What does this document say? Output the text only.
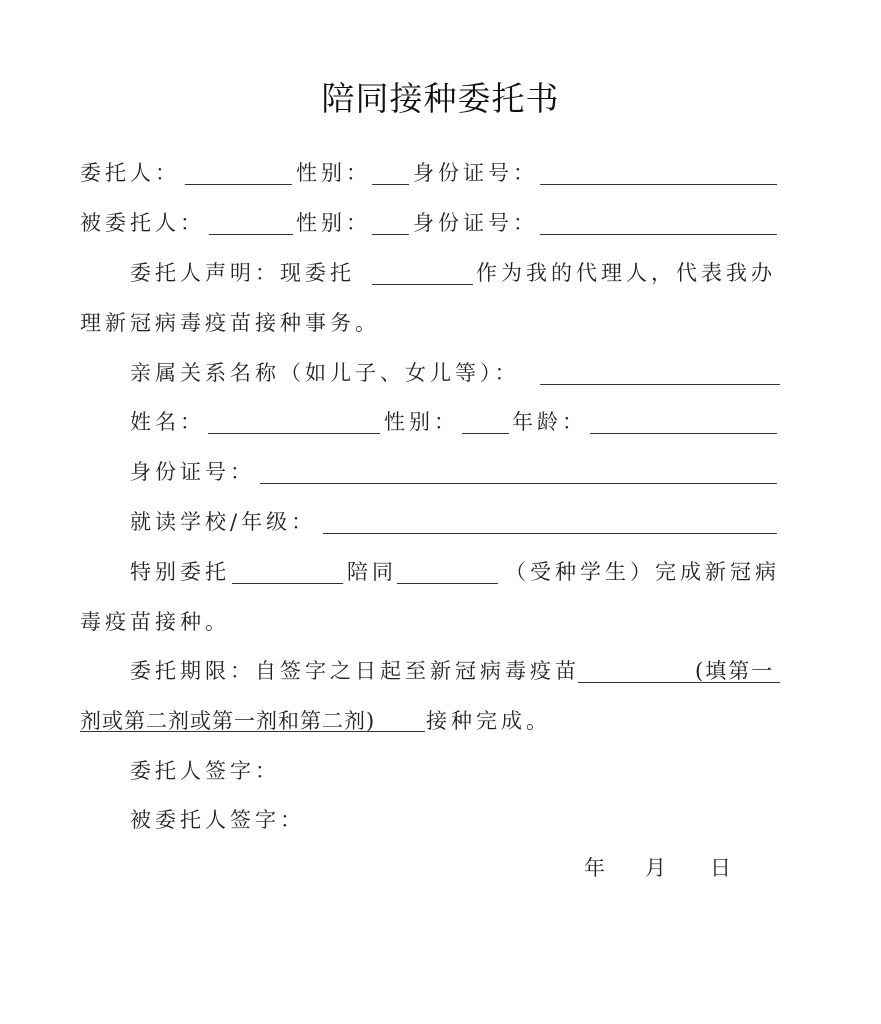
陪同接种委托书
委托人：	性别： 身份证号：
被委托人：	性别： 身份证号：
委托人声明：现委托	作为我的代理人，代表我办
理新冠病毒疫苗接种事务。
亲属关系名称（如儿子、女儿等）：
姓名：	性别：	年龄：
身份证号：
就读学校/年级：
特别委托	陪同	（受种学生）完成新冠病
毒疫苗接种。
委托期限：自签字之日起至新冠病毒疫苗	(填第一
剂或第二剂或第一剂和第二剂) 接种完成。
委托人签字：
被委托人签字：
年 月 日
